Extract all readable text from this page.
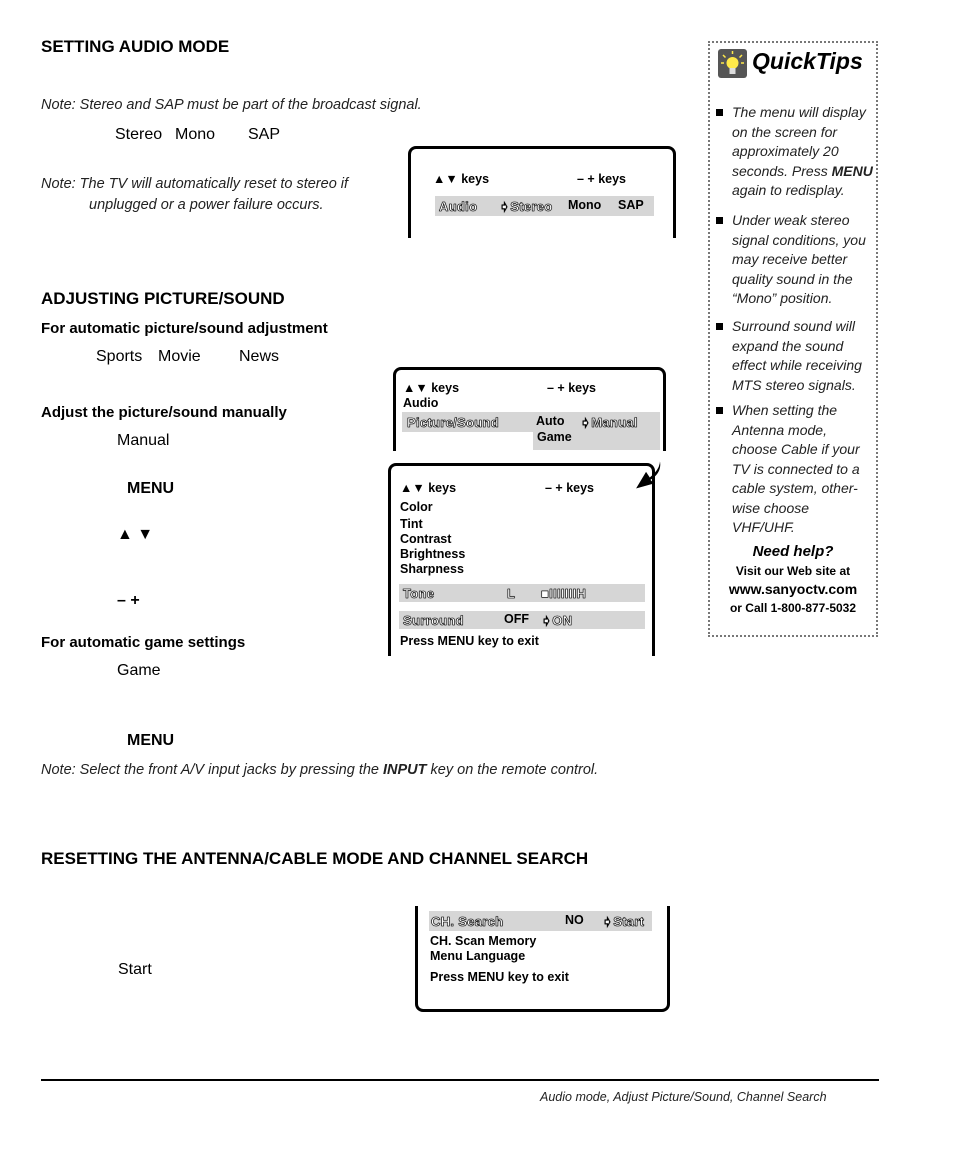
SETTING AUDIO MODE
Note: Stereo and SAP must be part of the broadcast signal.
Stereo Mono SAP
Note: The TV will automatically reset to stereo if
unplugged or a power failure occurs.
▲▼ keys	– + keys
Audio ➧Stereo Mono SAP
ADJUSTING PICTURE/SOUND
For automatic picture/sound adjustment
Sports Movie News
Adjust the picture/sound manually
Manual
MENU
▲ ▼
– +
For automatic game settings
Game
MENU
Note: Select the front A/V input jacks by pressing the INPUT key on the remote control.
▲▼ keys	– + keys
Audio
Picture/Sound	Auto ➧Manual
Game
▲▼ keys	– + keys
Color
Tint
Contrast
Brightness
Sharpness
Tone	L ■IIIIIIIH
Surround	OFF ➧ON
Press MENU key to exit
RESETTING THE ANTENNA/CABLE MODE AND CHANNEL SEARCH
Start
CH. Search	NO ➧Start
CH. Scan Memory
Menu Language
Press MENU key to exit
QuickTips
The menu will display
on the screen for
approximately 20
seconds. Press MENU
again to redisplay.
Under weak stereo
signal conditions, you
may receive better
quality sound in the
“Mono” position.
Surround sound will
expand the sound
effect while receiving
MTS stereo signals.
When setting the
Antenna mode,
choose Cable if your
TV is connected to a
cable system, other-
wise choose VHF/UHF.
Need help?
Visit our Web site at
www.sanyoctv.com
or Call 1-800-877-5032
Audio mode, Adjust Picture/Sound, Channel Search
